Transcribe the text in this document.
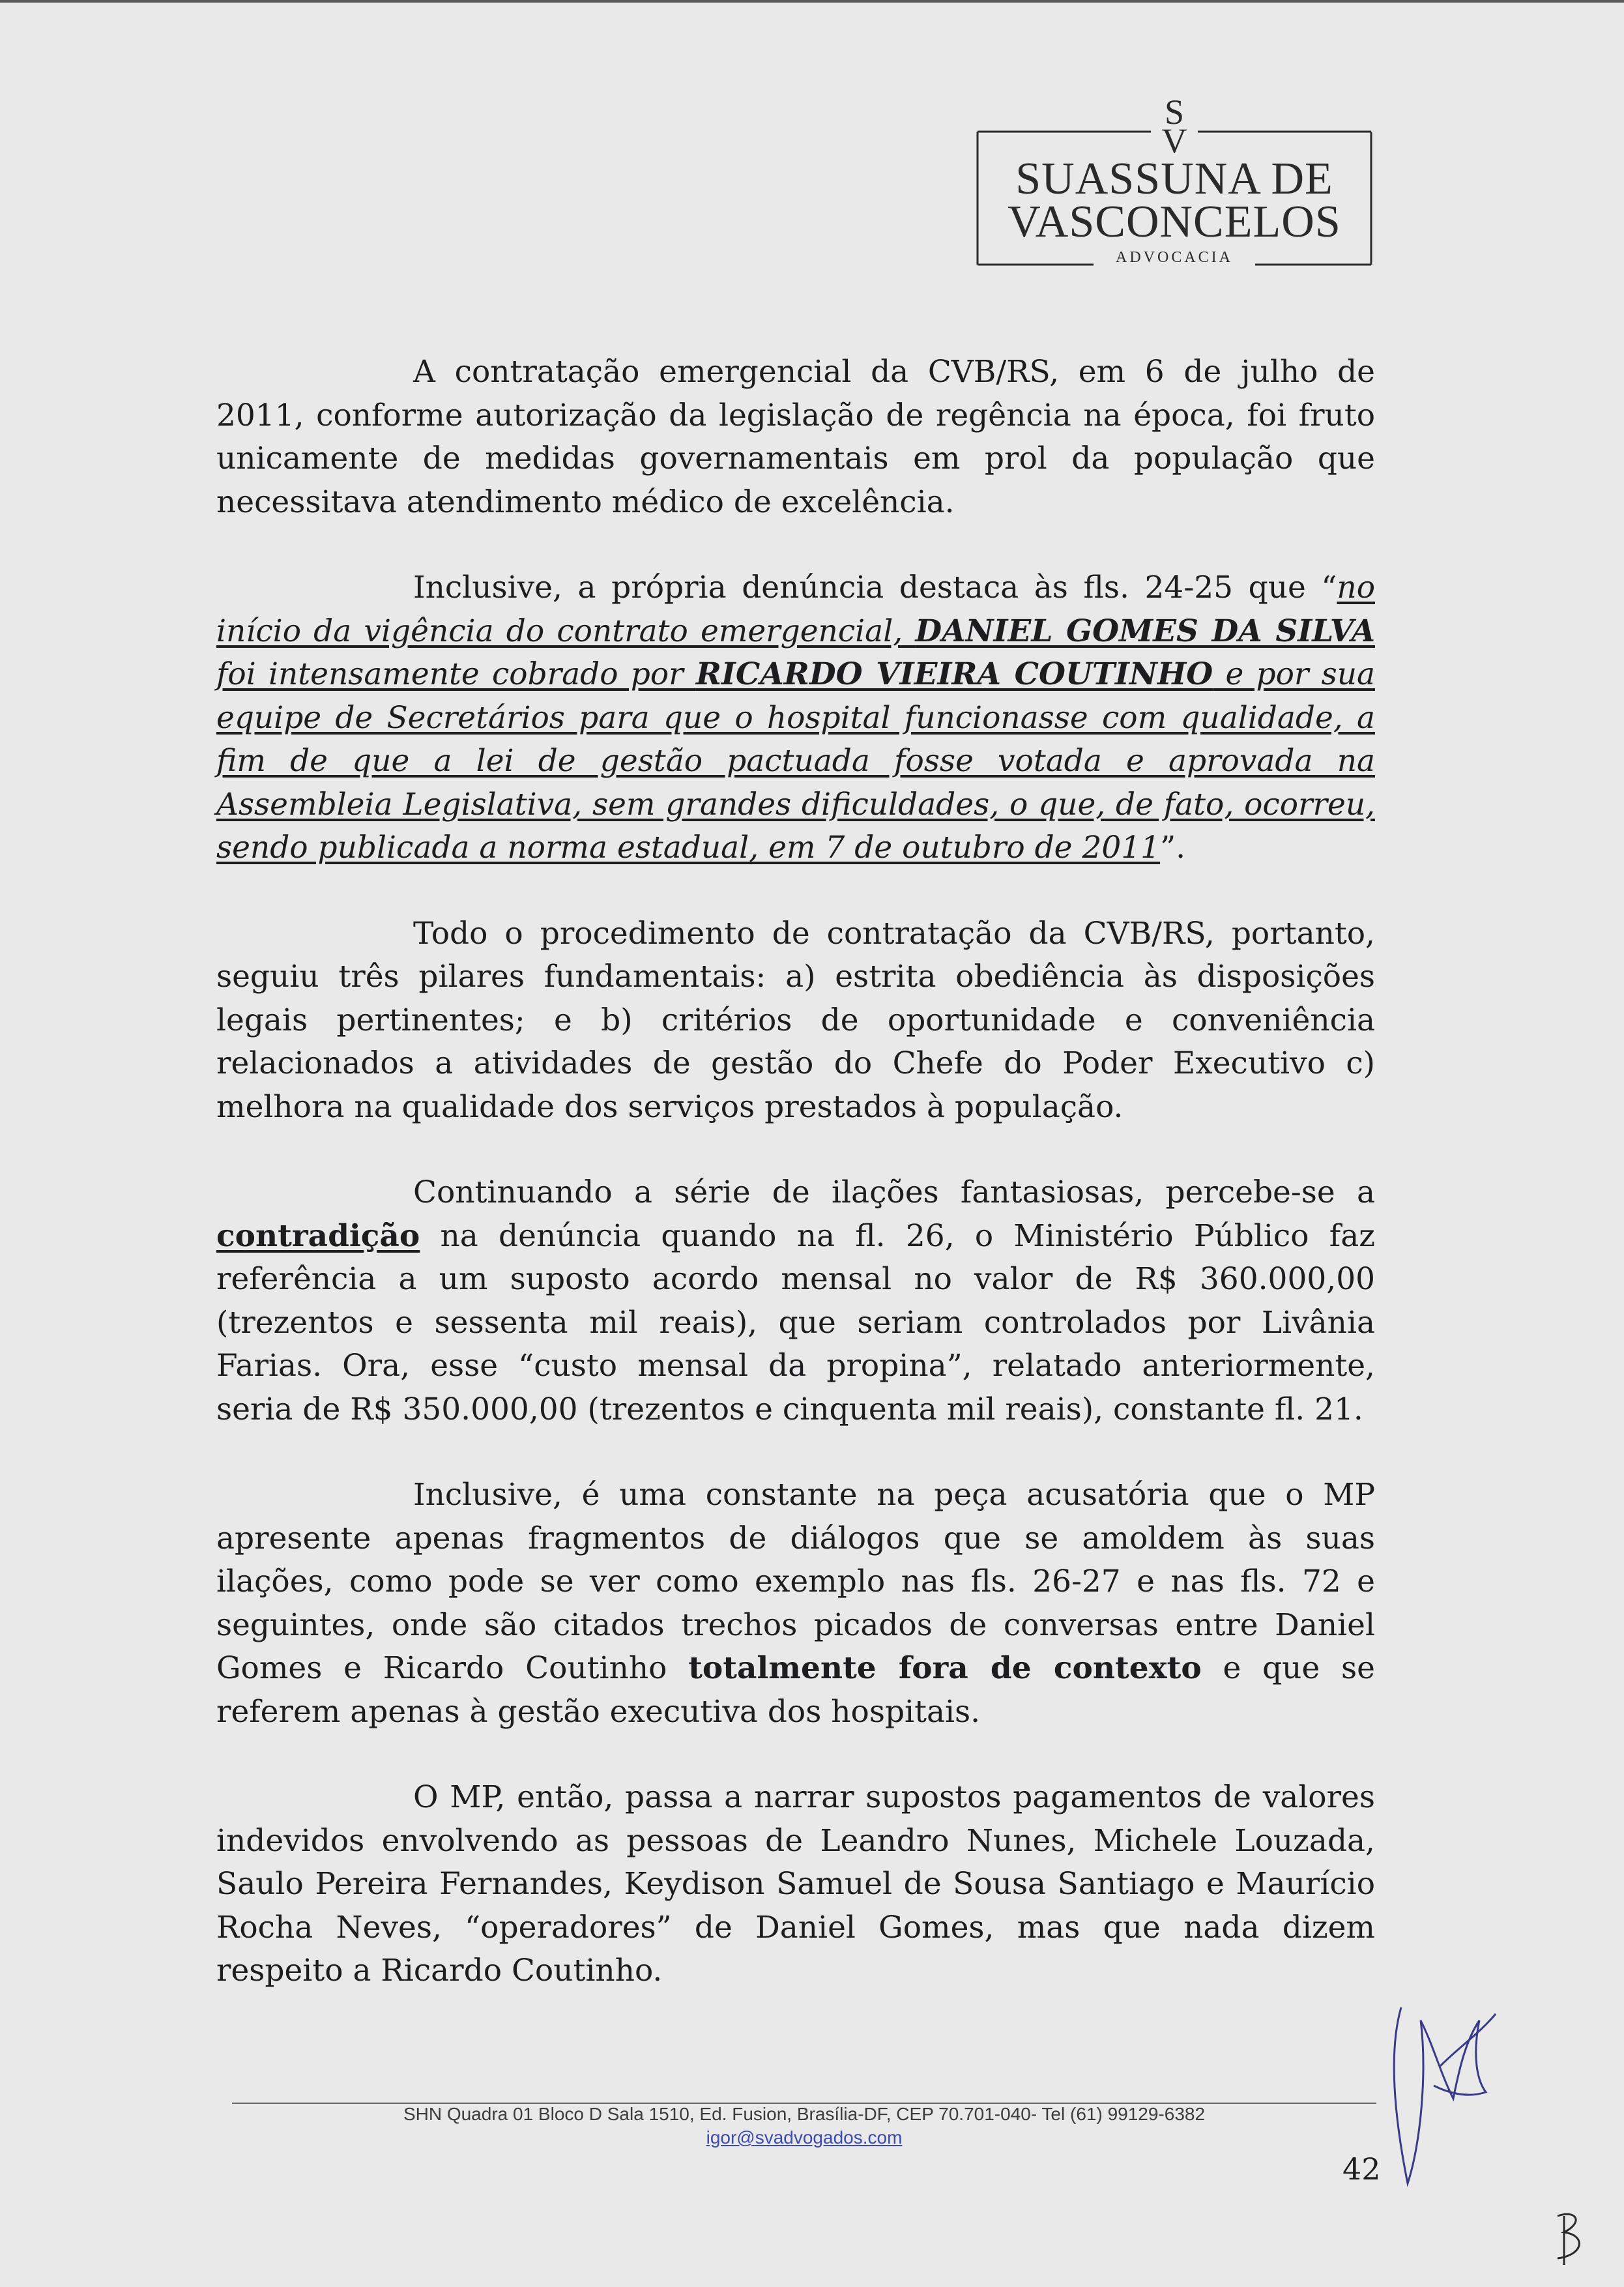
S
V
SUASSUNA DE
VASCONCELOS
ADVOCACIA

A contratação emergencial da CVB/RS, em 6 de julho de 2011, conforme autorização da legislação de regência na época, foi fruto unicamente de medidas governamentais em prol da população que necessitava atendimento médico de excelência.

Inclusive, a própria denúncia destaca às fls. 24-25 que “no início da vigência do contrato emergencial, DANIEL GOMES DA SILVA foi intensamente cobrado por RICARDO VIEIRA COUTINHO e por sua equipe de Secretários para que o hospital funcionasse com qualidade, a fim de que a lei de gestão pactuada fosse votada e aprovada na Assembleia Legislativa, sem grandes dificuldades, o que, de fato, ocorreu, sendo publicada a norma estadual, em 7 de outubro de 2011”.

Todo o procedimento de contratação da CVB/RS, portanto, seguiu três pilares fundamentais: a) estrita obediência às disposições legais pertinentes; e b) critérios de oportunidade e conveniência relacionados a atividades de gestão do Chefe do Poder Executivo c) melhora na qualidade dos serviços prestados à população.

Continuando a série de ilações fantasiosas, percebe-se a contradição na denúncia quando na fl. 26, o Ministério Público faz referência a um suposto acordo mensal no valor de R$ 360.000,00 (trezentos e sessenta mil reais), que seriam controlados por Livânia Farias. Ora, esse “custo mensal da propina”, relatado anteriormente, seria de R$ 350.000,00 (trezentos e cinquenta mil reais), constante fl. 21.

Inclusive, é uma constante na peça acusatória que o MP apresente apenas fragmentos de diálogos que se amoldem às suas ilações, como pode se ver como exemplo nas fls. 26-27 e nas fls. 72 e seguintes, onde são citados trechos picados de conversas entre Daniel Gomes e Ricardo Coutinho totalmente fora de contexto e que se referem apenas à gestão executiva dos hospitais.

O MP, então, passa a narrar supostos pagamentos de valores indevidos envolvendo as pessoas de Leandro Nunes, Michele Louzada, Saulo Pereira Fernandes, Keydison Samuel de Sousa Santiago e Maurício Rocha Neves, “operadores” de Daniel Gomes, mas que nada dizem respeito a Ricardo Coutinho.

SHN Quadra 01 Bloco D Sala 1510, Ed. Fusion, Brasília-DF, CEP 70.701-040- Tel (61) 99129-6382
igor@svadvogados.com
42
